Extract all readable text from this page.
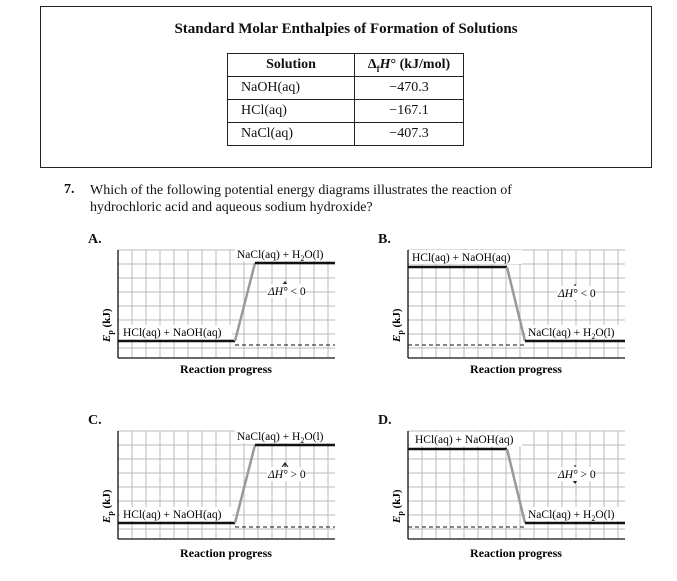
Standard Molar Enthalpies of Formation of Solutions
Solution	$\Delta_fH^\circ$ (kJ/mol)
NaOH(aq)	−470.3
HCl(aq)	−167.1
NaCl(aq)	−407.3
7. Which of the following potential energy diagrams illustrates the reaction of
hydrochloric acid and aqueous sodium hydroxide?
A.	B.
C.	D.
NaCl(aq) + $H_2O(l)$
ΔH° < 0
HCl(aq) + NaOH(aq)
$E_p$ (kJ)
Reaction progress
HCl(aq) + NaOH(aq)
ΔH° < 0
NaCl(aq) + $H_2O(l)$
$E_p$ (kJ)
Reaction progress
NaCl(aq) + $H_2O(l)$
ΔH° > 0
HCl(aq) + NaOH(aq)
$E_p$ (kJ)
Reaction progress
HCl(aq) + NaOH(aq)
ΔH° > 0
NaCl(aq) + $H_2O(l)$
$E_p$ (kJ)
Reaction progress
